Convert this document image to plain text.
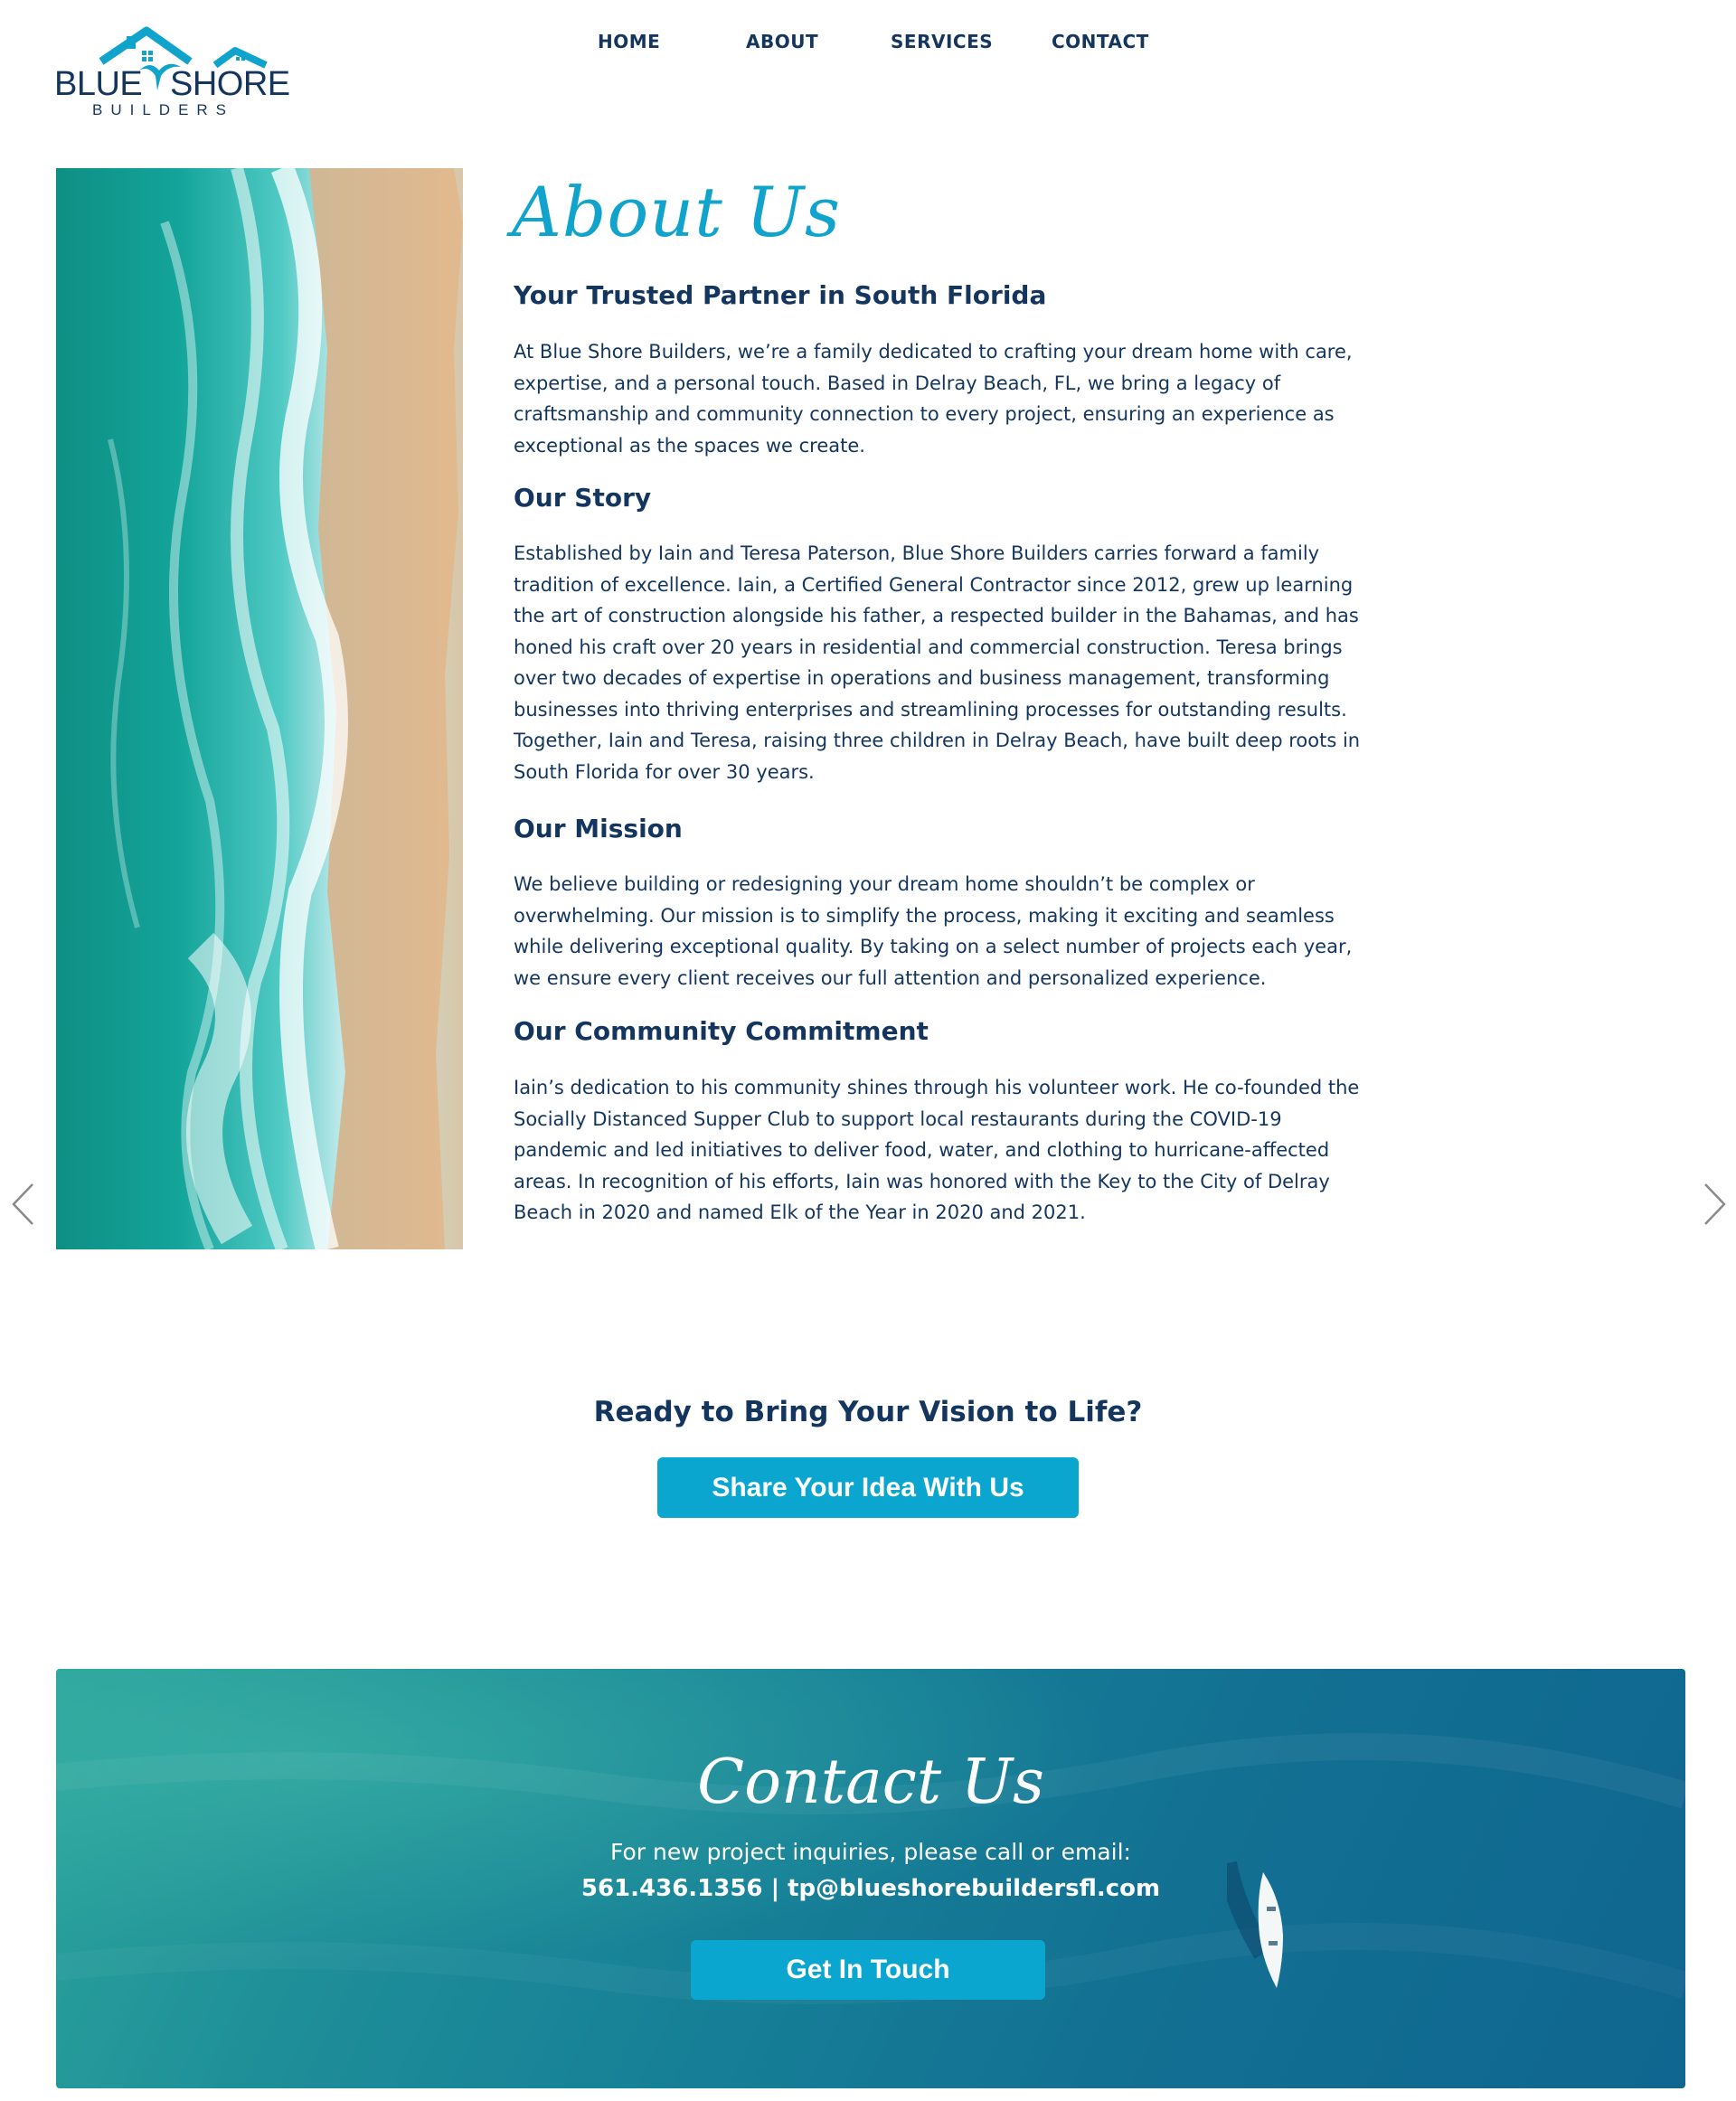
BLUE  SHORE
BUILDERS
HOME	ABOUT	SERVICES	CONTACT
About Us
Your Trusted Partner in South Florida

At Blue Shore Builders, we’re a family dedicated to crafting your dream home with care, expertise, and a personal touch. Based in Delray Beach, FL, we bring a legacy of craftsmanship and community connection to every project, ensuring an experience as exceptional as the spaces we create.

Our Story

Established by Iain and Teresa Paterson, Blue Shore Builders carries forward a family tradition of excellence. Iain, a Certified General Contractor since 2012, grew up learning the art of construction alongside his father, a respected builder in the Bahamas, and has honed his craft over 20 years in residential and commercial construction. Teresa brings over two decades of expertise in operations and business management, transforming businesses into thriving enterprises and streamlining processes for outstanding results. Together, Iain and Teresa, raising three children in Delray Beach, have built deep roots in South Florida for over 30 years.

Our Mission

We believe building or redesigning your dream home shouldn’t be complex or overwhelming. Our mission is to simplify the process, making it exciting and seamless while delivering exceptional quality. By taking on a select number of projects each year, we ensure every client receives our full attention and personalized experience.

Our Community Commitment

Iain’s dedication to his community shines through his volunteer work. He co-founded the Socially Distanced Supper Club to support local restaurants during the COVID-19 pandemic and led initiatives to deliver food, water, and clothing to hurricane-affected areas. In recognition of his efforts, Iain was honored with the Key to the City of Delray Beach in 2020 and named Elk of the Year in 2020 and 2021.

Ready to Bring Your Vision to Life?
Share Your Idea With Us
Contact Us
For new project inquiries, please call or email:
561.436.1356 | tp@blueshorebuildersfl.com
Get In Touch
